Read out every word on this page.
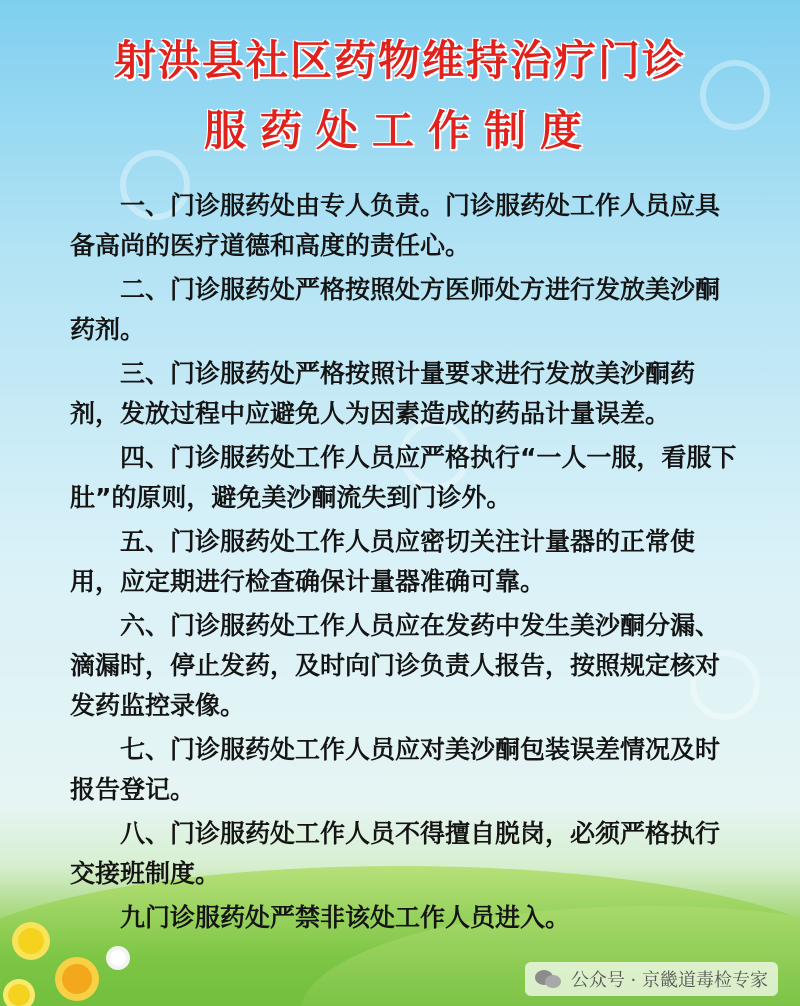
射洪县社区药物维持治疗门诊
服药处工作制度
一、门诊服药处由专人负责。门诊服药处工作人员应具备高尚的医疗道德和高度的责任心。
二、门诊服药处严格按照处方医师处方进行发放美沙酮药剂。
三、门诊服药处严格按照计量要求进行发放美沙酮药剂，发放过程中应避免人为因素造成的药品计量误差。
四、门诊服药处工作人员应严格执行“一人一服，看服下肚”的原则，避免美沙酮流失到门诊外。
五、门诊服药处工作人员应密切关注计量器的正常使用，应定期进行检查确保计量器准确可靠。
六、门诊服药处工作人员应在发药中发生美沙酮分漏、滴漏时，停止发药，及时向门诊负责人报告，按照规定核对发药监控录像。
七、门诊服药处工作人员应对美沙酮包装误差情况及时报告登记。
八、门诊服药处工作人员不得擅自脱岗，必须严格执行交接班制度。
九门诊服药处严禁非该处工作人员进入。
公众号 · 京畿道毒检专家
